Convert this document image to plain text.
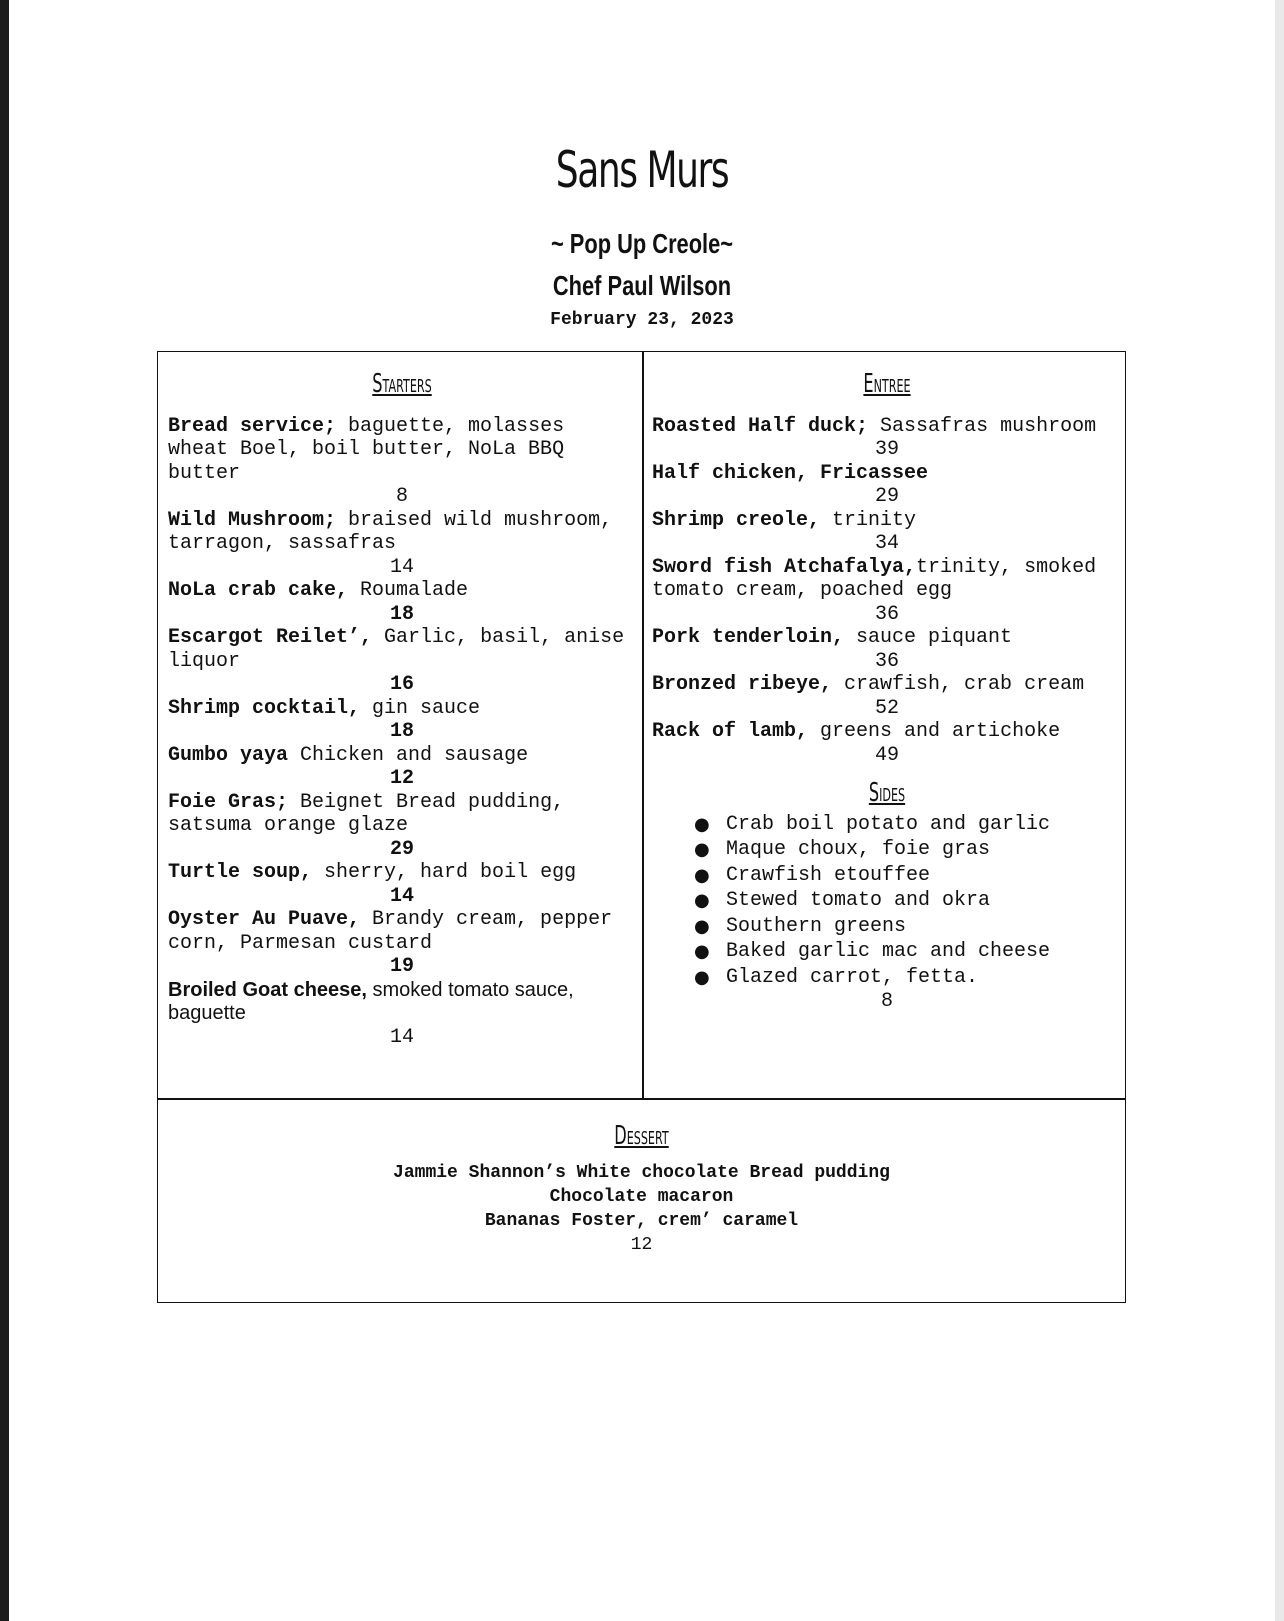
Sans Murs
~ Pop Up Creole~
Chef Paul Wilson
February 23, 2023
Starters
Bread service; baguette, molasses wheat Boel, boil butter, NoLa BBQ butter
8
Wild Mushroom; braised wild mushroom, tarragon, sassafras
14
NoLa crab cake, Roumalade
18
Escargot Reilet’, Garlic, basil, anise liquor
16
Shrimp cocktail, gin sauce
18
Gumbo yaya Chicken and sausage
12
Foie Gras; Beignet Bread pudding, satsuma orange glaze
29
Turtle soup, sherry, hard boil egg
14
Oyster Au Puave, Brandy cream, pepper corn, Parmesan custard
19
Broiled Goat cheese, smoked tomato sauce, baguette
14
Entree
Roasted Half duck; Sassafras mushroom
39
Half chicken, Fricassee
29
Shrimp creole, trinity
34
Sword fish Atchafalya,trinity, smoked tomato cream, poached egg
36
Pork tenderloin, sauce piquant
36
Bronzed ribeye, crawfish, crab cream
52
Rack of lamb, greens and artichoke
49
Sides
● Crab boil potato and garlic
● Maque choux, foie gras
● Crawfish etouffee
● Stewed tomato and okra
● Southern greens
● Baked garlic mac and cheese
● Glazed carrot, fetta.
8
Dessert
Jammie Shannon’s White chocolate Bread pudding
Chocolate macaron
Bananas Foster, crem’ caramel
12
